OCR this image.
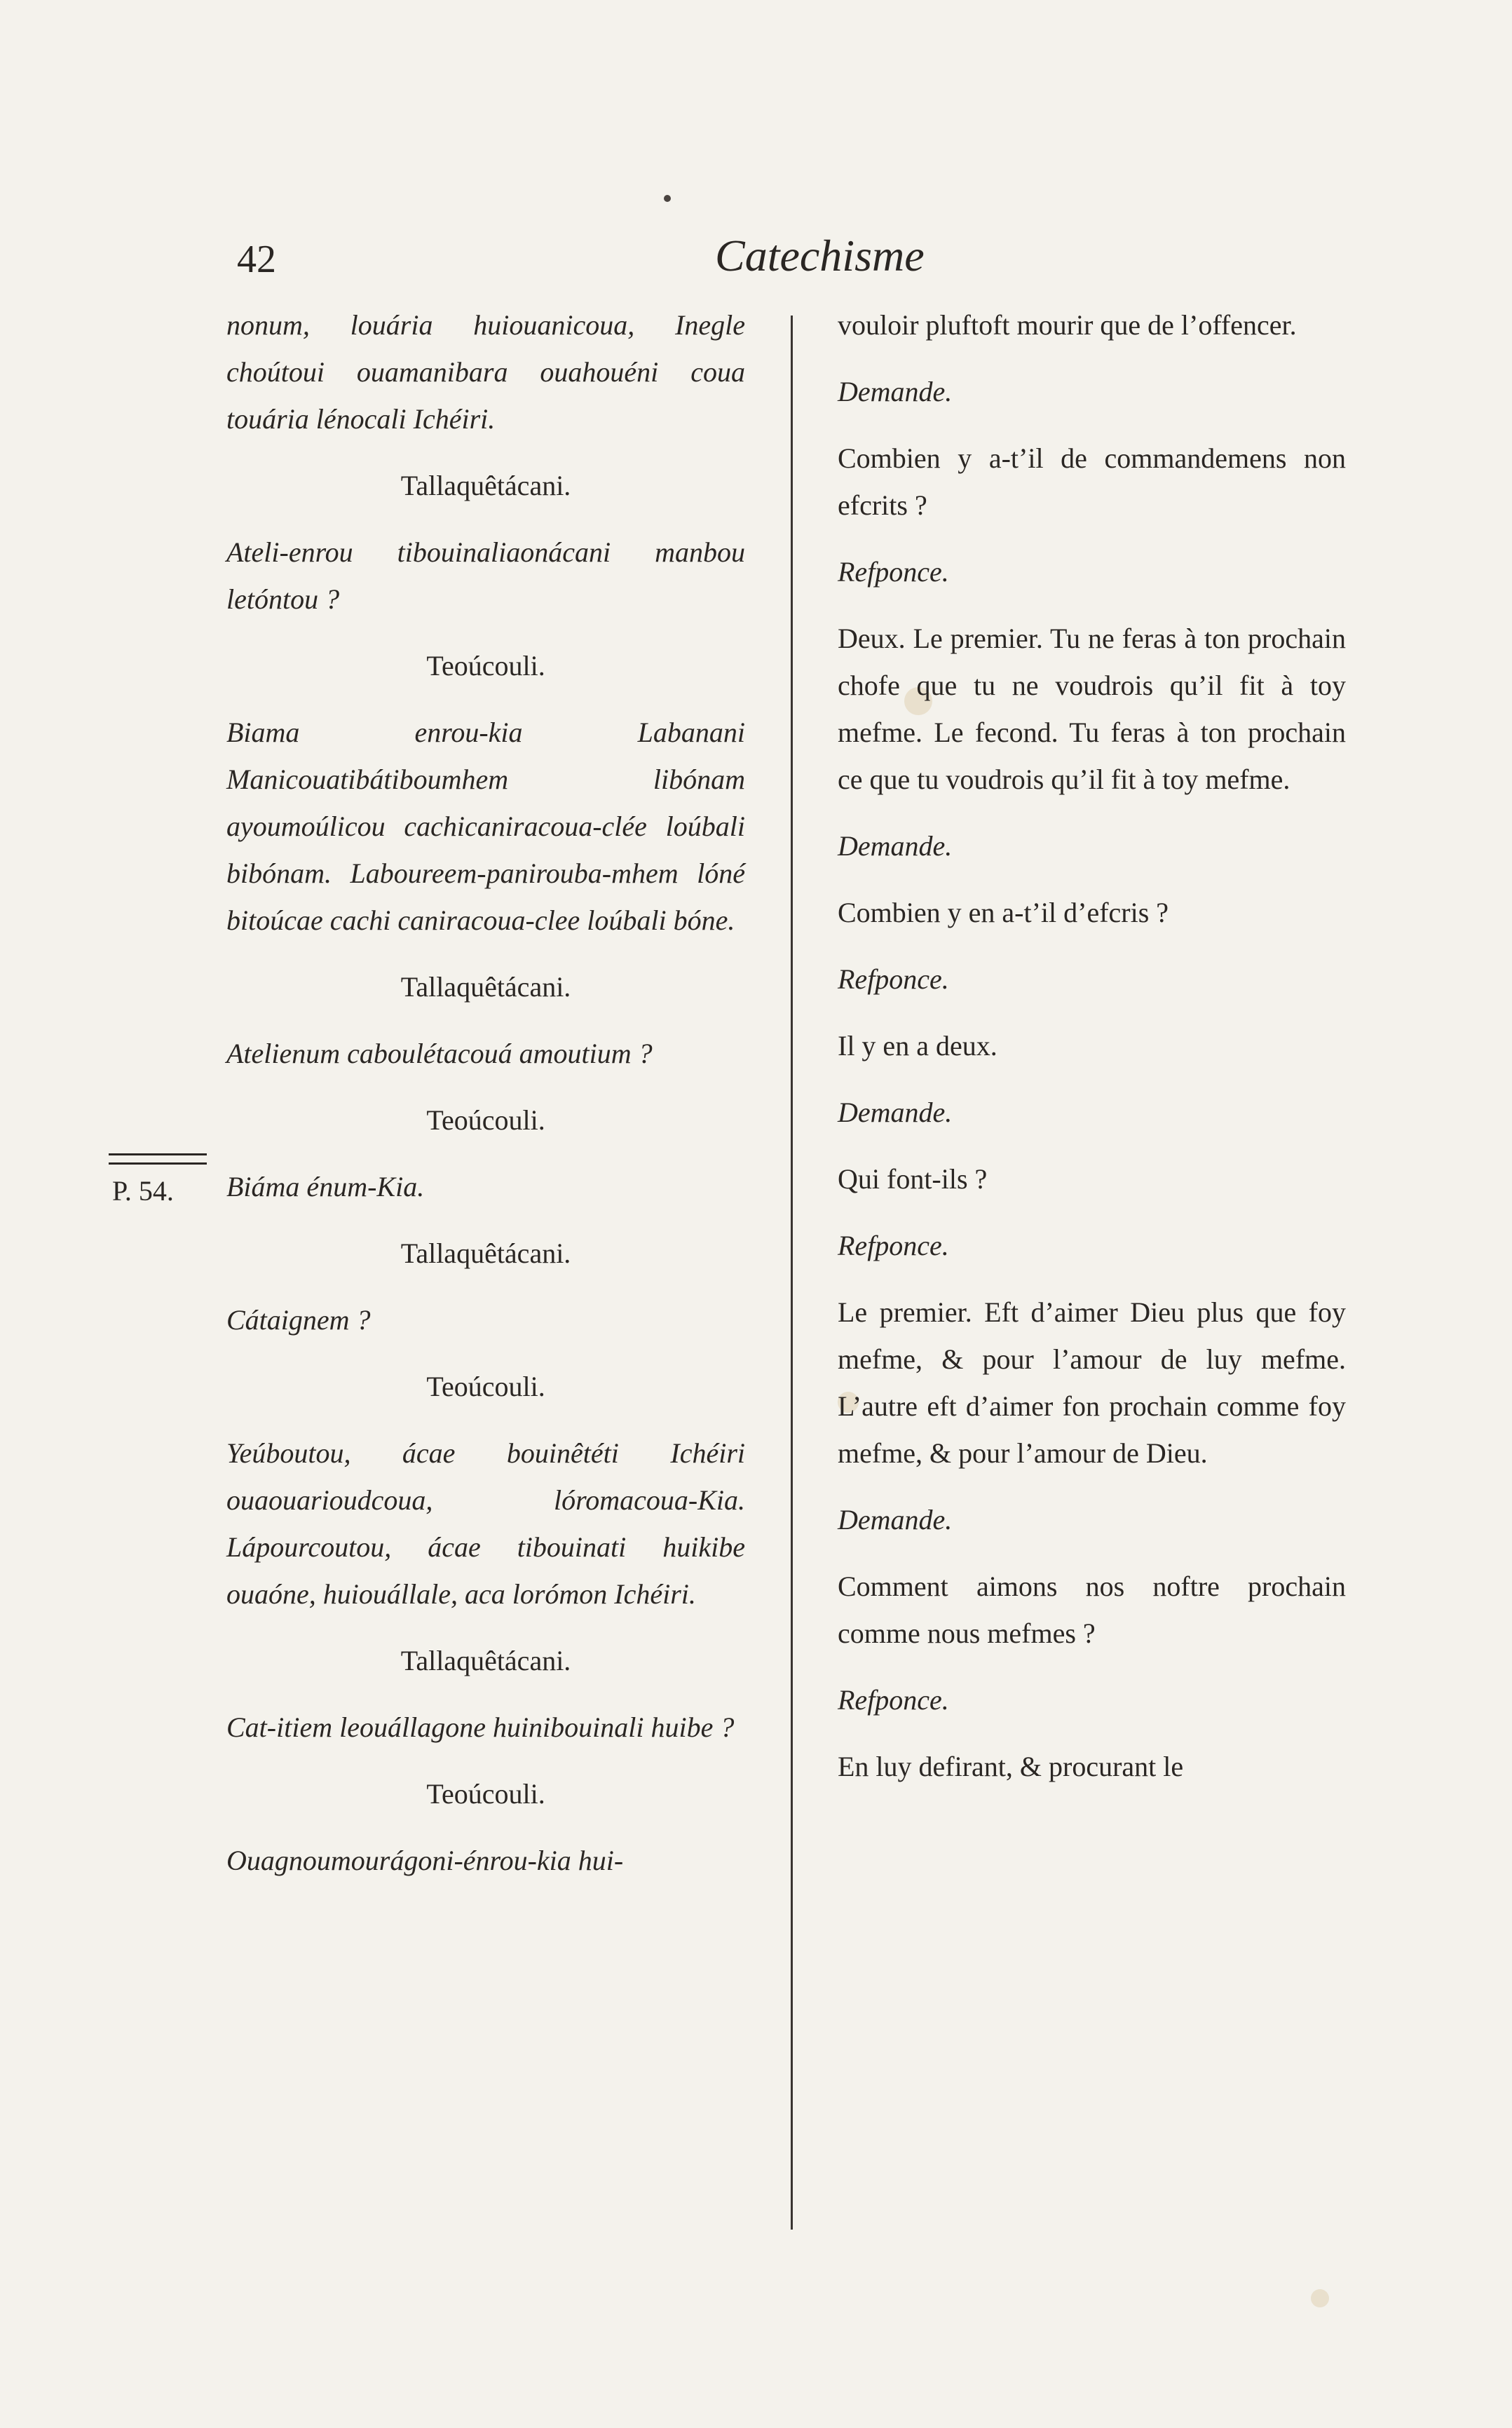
42	Catechisme
P. 54.

nonum, louária huiouanicoua, Inegle choútoui ouamanibara ouahouéni coua touária lénocali Ichéiri.

Tallaquêtácani.

Ateli-enrou tibouinaliaonácani manbou letóntou ?

Teoúcouli.

Biama enrou-kia Labanani Manicouatibátiboumhem libónam ayoumoúlicou cachicaniracoua-clée loúbali bibónam. Laboureem-panirouba-mhem lóné bitoúcae cachi caniracoua-clee loúbali bóne.

Tallaquêtácani.

Atelienum caboulétacouá amoutium ?

Teoúcouli.

Biáma énum-Kia.

Tallaquêtácani.

Cátaignem ?

Teoúcouli.

Yeúboutou, ácae bouinêtéti Ichéiri ouaouarioudcoua, lóromacoua-Kia. Lápourcoutou, ácae tibouinati huikibe ouaóne, huiouállale, aca lorómon Ichéiri.

Tallaquêtácani.

Cat-itiem leouállagone huinibouinali huibe ?

Teoúcouli.

Ouagnoumourágoni-énrou-kia hui-

vouloir pluftoft mourir que de l’offencer.

Demande.

Combien y a-t’il de commandemens non efcrits ?

Refponce.

Deux. Le premier. Tu ne feras à ton prochain chofe que tu ne voudrois qu’il fit à toy mefme. Le fecond. Tu feras à ton prochain ce que tu voudrois qu’il fit à toy mefme.

Demande.

Combien y en a-t’il d’efcris ?

Refponce.

Il y en a deux.

Demande.

Qui font-ils ?

Refponce.

Le premier. Eft d’aimer Dieu plus que foy mefme, & pour l’amour de luy mefme. L’autre eft d’aimer fon prochain comme foy mefme, & pour l’amour de Dieu.

Demande.

Comment aimons nos noftre prochain comme nous mefmes ?

Refponce.

En luy defirant, & procurant le
